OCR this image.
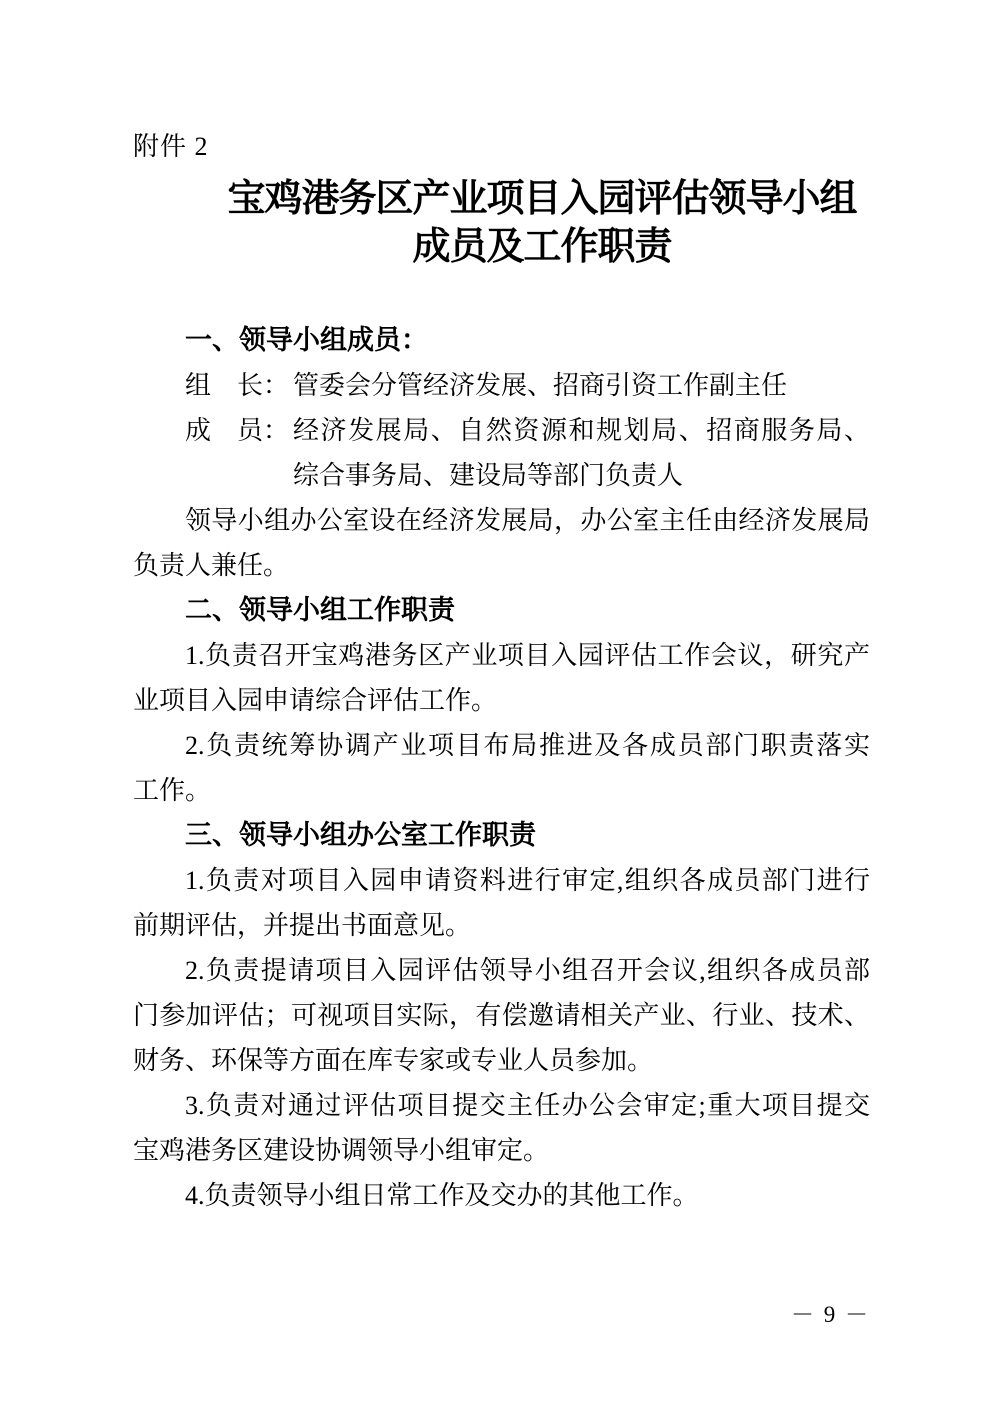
附件 2
宝鸡港务区产业项目入园评估领导小组
成员及工作职责
一、领导小组成员：
组　长： 管委会分管经济发展、招商引资工作副主任
成　员： 经济发展局、自然资源和规划局、招商服务局、
综合事务局、建设局等部门负责人
领导小组办公室设在经济发展局，办公室主任由经济发展局
负责人兼任。
二、领导小组工作职责
1.负责召开宝鸡港务区产业项目入园评估工作会议，研究产
业项目入园申请综合评估工作。
2.负责统筹协调产业项目布局推进及各成员部门职责落实
工作。
三、领导小组办公室工作职责
1.负责对项目入园申请资料进行审定,组织各成员部门进行
前期评估，并提出书面意见。
2.负责提请项目入园评估领导小组召开会议,组织各成员部
门参加评估；可视项目实际，有偿邀请相关产业、行业、技术、
财务、环保等方面在库专家或专业人员参加。
3.负责对通过评估项目提交主任办公会审定;重大项目提交
宝鸡港务区建设协调领导小组审定。
4.负责领导小组日常工作及交办的其他工作。
－ 9 －
